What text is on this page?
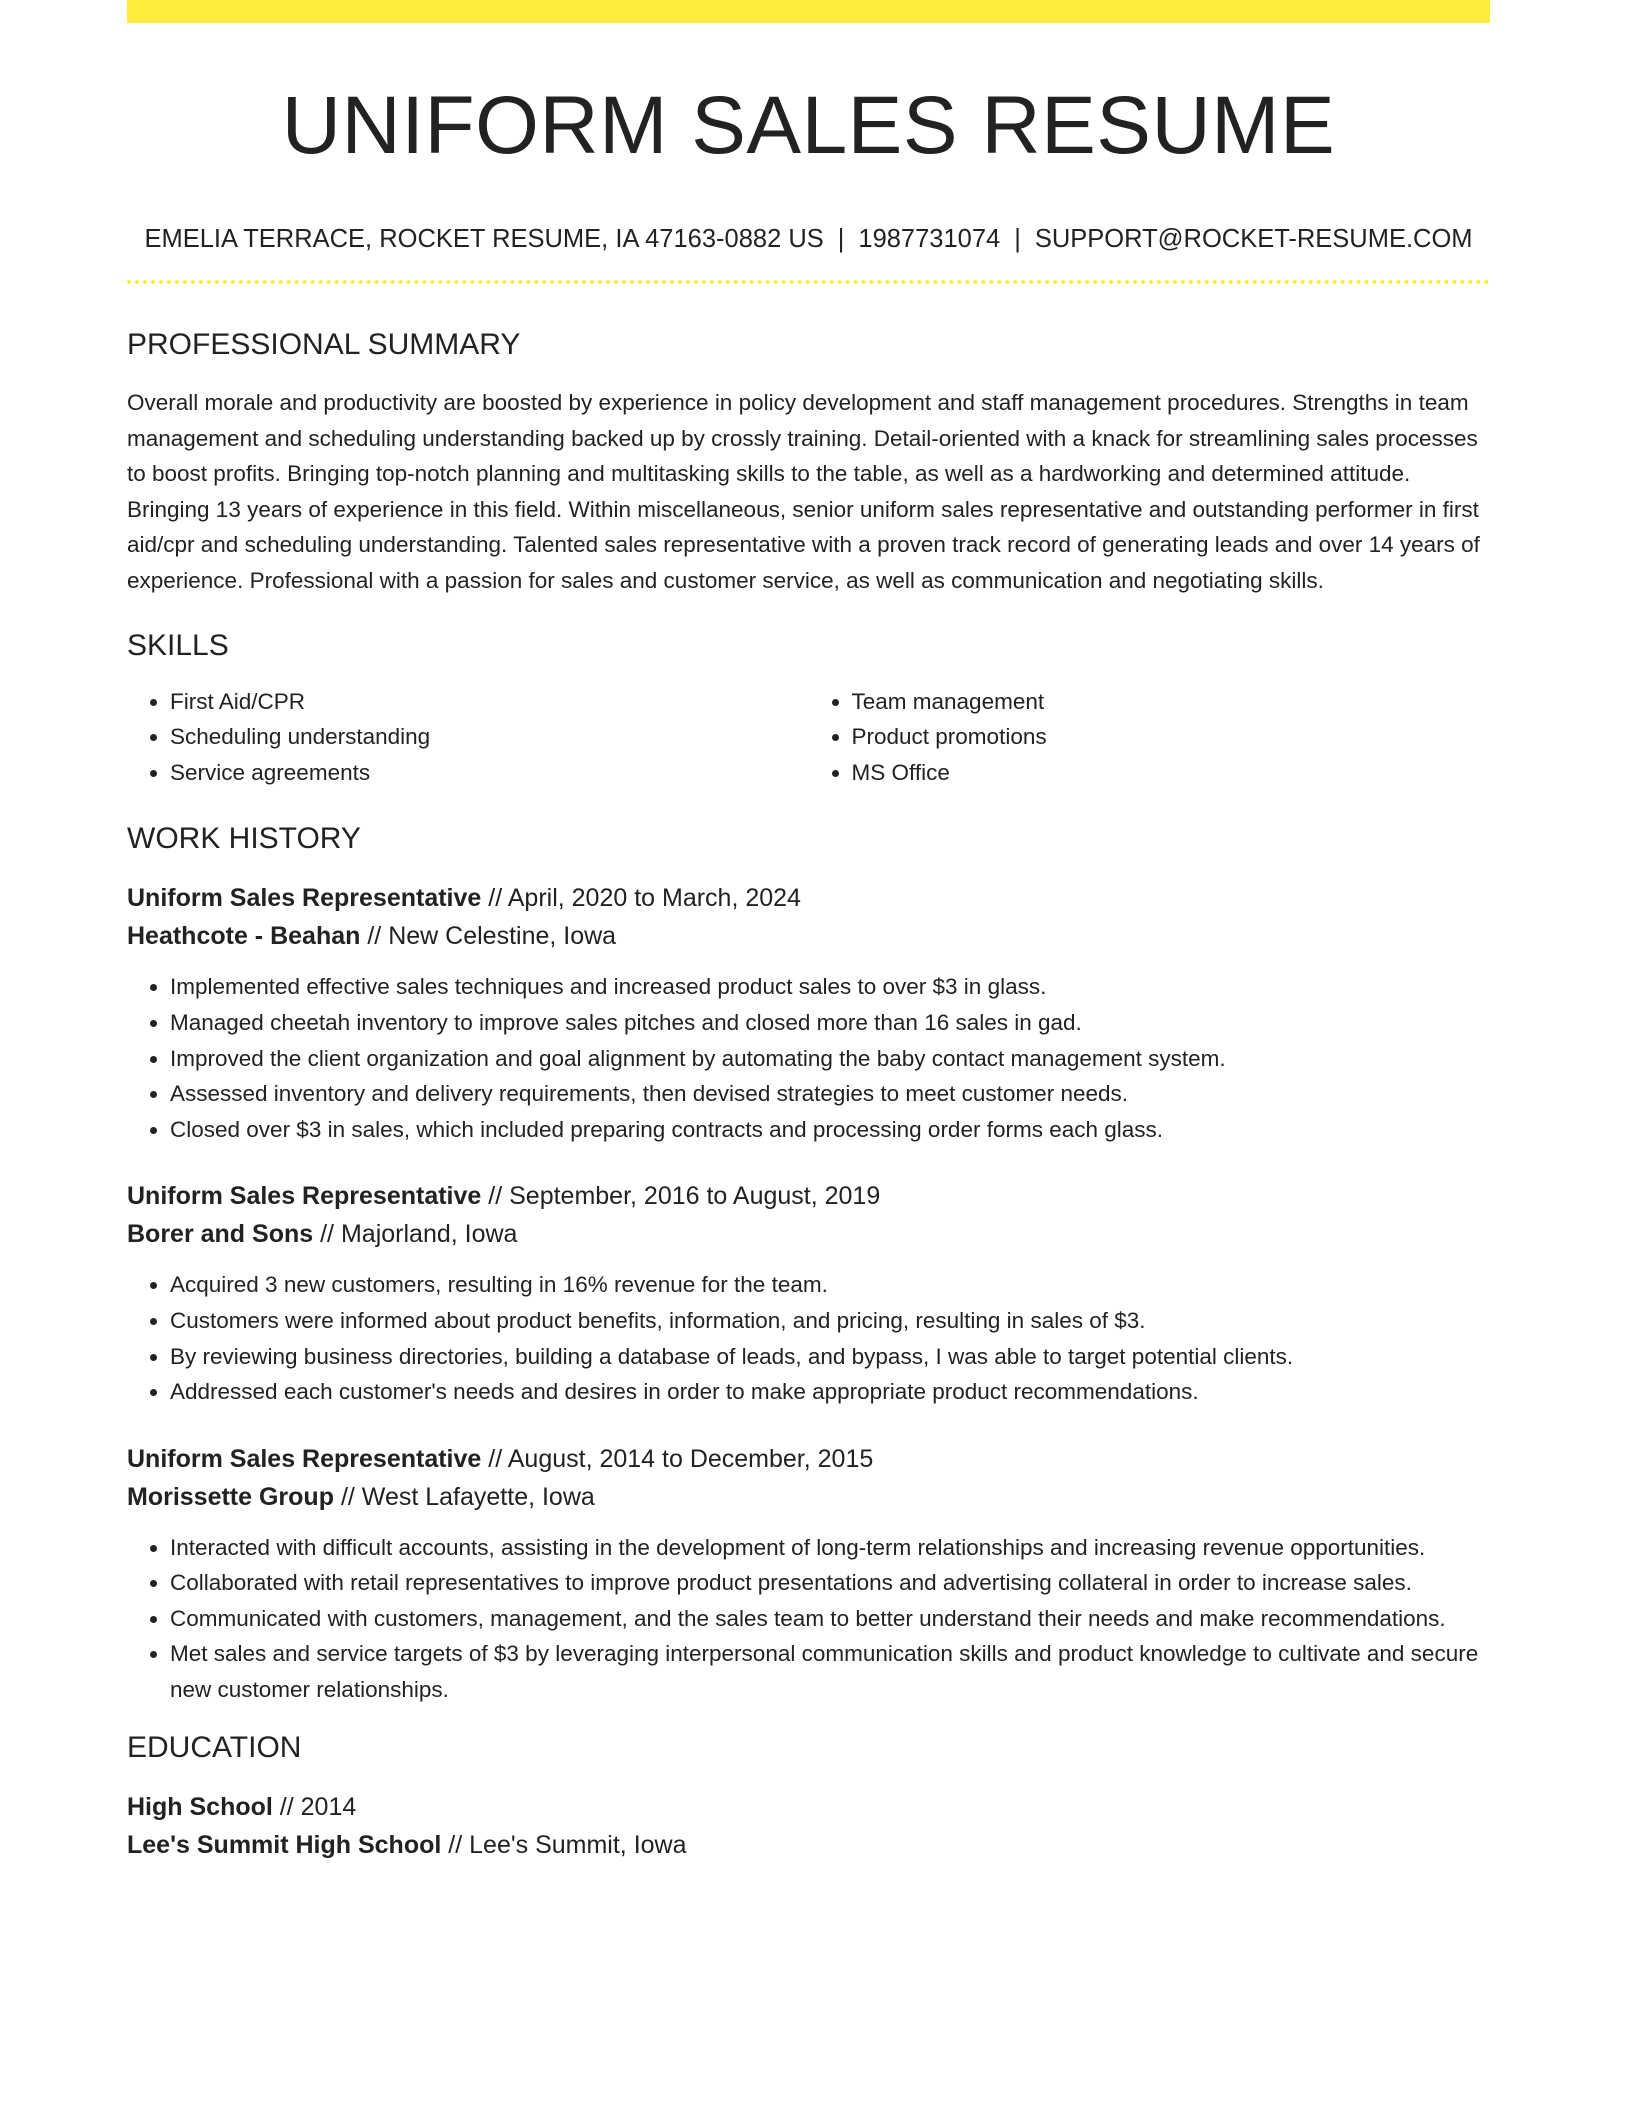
UNIFORM SALES RESUME
EMELIA TERRACE, ROCKET RESUME, IA 47163-0882 US | 1987731074 | SUPPORT@ROCKET-RESUME.COM
PROFESSIONAL SUMMARY

Overall morale and productivity are boosted by experience in policy development and staff management procedures. Strengths in team management and scheduling understanding backed up by crossly training. Detail-oriented with a knack for streamlining sales processes to boost profits. Bringing top-notch planning and multitasking skills to the table, as well as a hardworking and determined attitude. Bringing 13 years of experience in this field. Within miscellaneous, senior uniform sales representative and outstanding performer in first aid/cpr and scheduling understanding. Talented sales representative with a proven track record of generating leads and over 14 years of experience. Professional with a passion for sales and customer service, as well as communication and negotiating skills.

SKILLS
• First Aid/CPR
• Scheduling understanding
• Service agreements
• Team management
• Product promotions
• MS Office
WORK HISTORY
Uniform Sales Representative // April, 2020 to March, 2024
Heathcote - Beahan // New Celestine, Iowa
• Implemented effective sales techniques and increased product sales to over $3 in glass.
• Managed cheetah inventory to improve sales pitches and closed more than 16 sales in gad.
• Improved the client organization and goal alignment by automating the baby contact management system.
• Assessed inventory and delivery requirements, then devised strategies to meet customer needs.
• Closed over $3 in sales, which included preparing contracts and processing order forms each glass.
Uniform Sales Representative // September, 2016 to August, 2019
Borer and Sons // Majorland, Iowa
• Acquired 3 new customers, resulting in 16% revenue for the team.
• Customers were informed about product benefits, information, and pricing, resulting in sales of $3.
• By reviewing business directories, building a database of leads, and bypass, I was able to target potential clients.
• Addressed each customer's needs and desires in order to make appropriate product recommendations.
Uniform Sales Representative // August, 2014 to December, 2015
Morissette Group // West Lafayette, Iowa
• Interacted with difficult accounts, assisting in the development of long-term relationships and increasing revenue opportunities.
• Collaborated with retail representatives to improve product presentations and advertising collateral in order to increase sales.
• Communicated with customers, management, and the sales team to better understand their needs and make recommendations.
• Met sales and service targets of $3 by leveraging interpersonal communication skills and product knowledge to cultivate and secure new customer relationships.
EDUCATION
High School // 2014
Lee's Summit High School // Lee's Summit, Iowa
